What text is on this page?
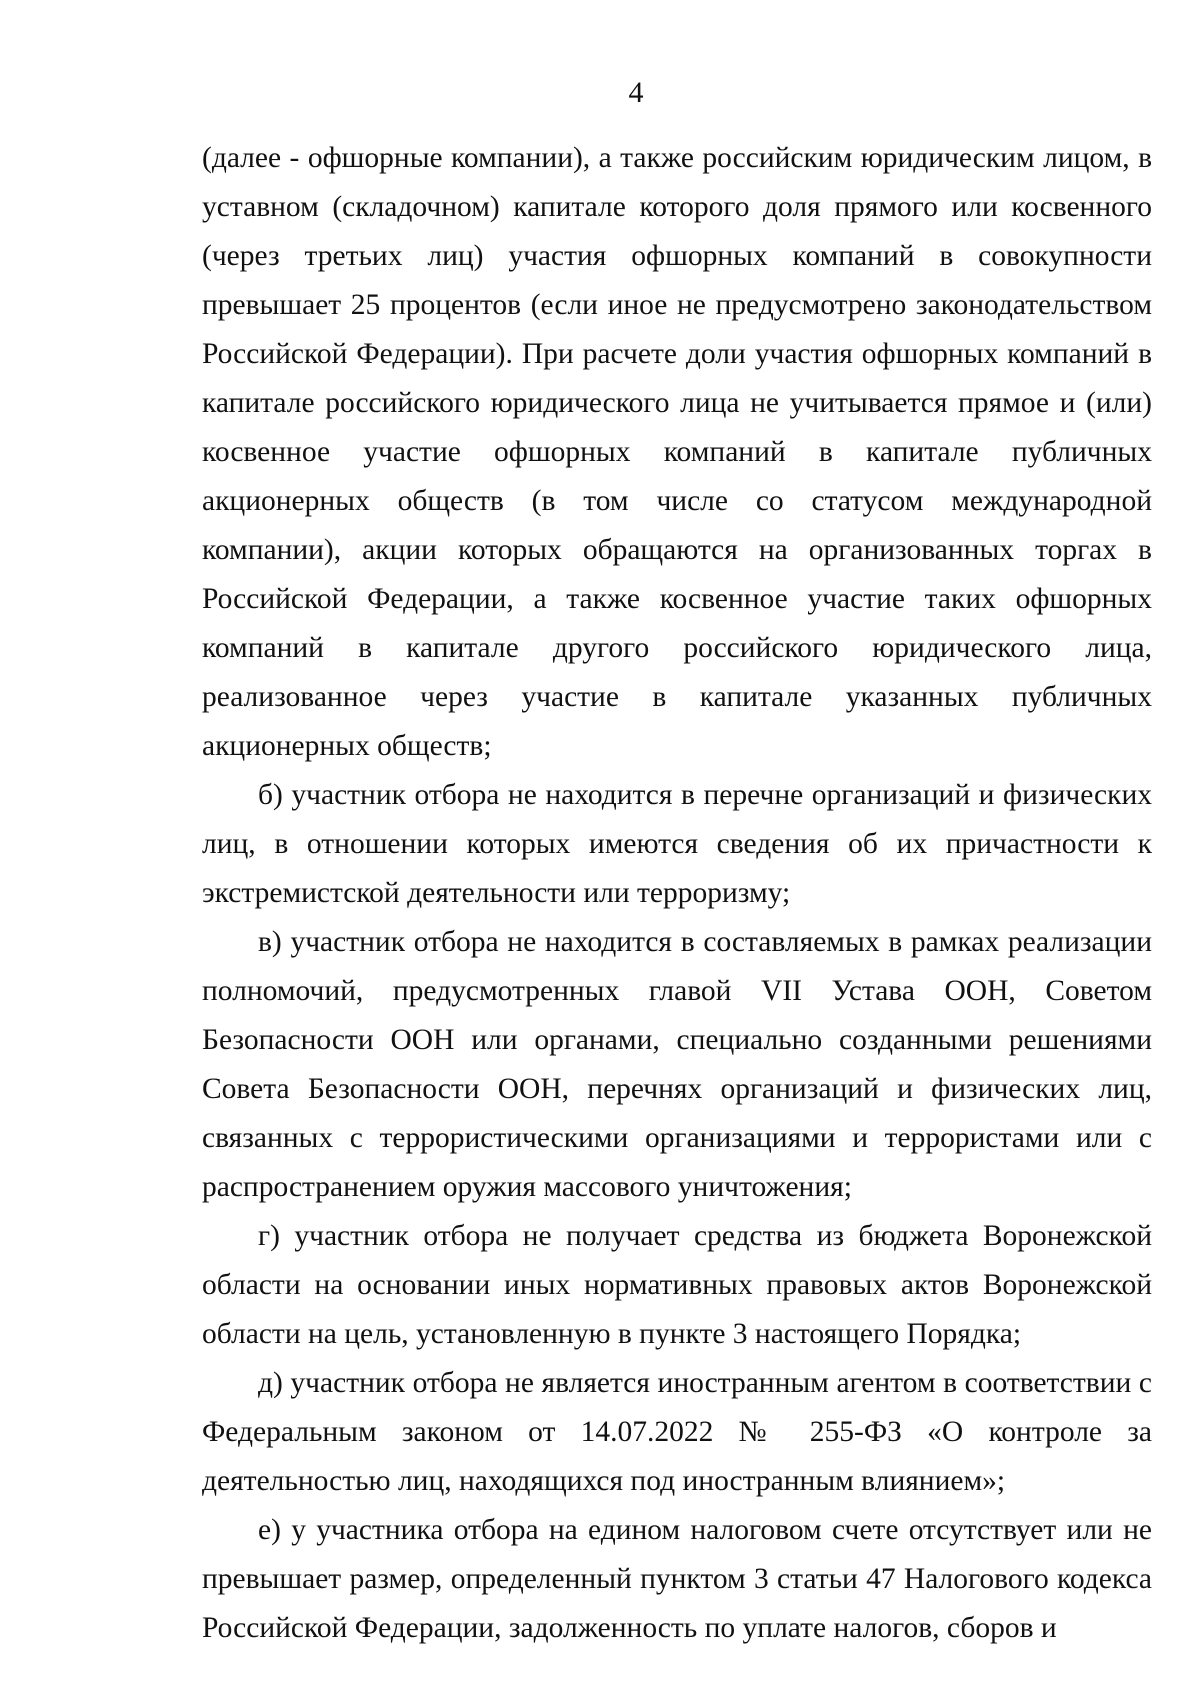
4

(далее - офшорные компании), а также российским юридическим лицом, в уставном (складочном) капитале которого доля прямого или косвенного (через третьих лиц) участия офшорных компаний в совокупности превышает 25 процентов (если иное не предусмотрено законодательством Российской Федерации). При расчете доли участия офшорных компаний в капитале российского юридического лица не учитывается прямое и (или) косвенное участие офшорных компаний в капитале публичных акционерных обществ (в том числе со статусом международной компании), акции которых обращаются на организованных торгах в Российской Федерации, а также косвенное участие таких офшорных компаний в капитале другого российского юридического лица, реализованное через участие в капитале указанных публичных акционерных обществ;

б) участник отбора не находится в перечне организаций и физических лиц, в отношении которых имеются сведения об их причастности к экстремистской деятельности или терроризму;

в) участник отбора не находится в составляемых в рамках реализации полномочий, предусмотренных главой VII Устава ООН, Советом Безопасности ООН или органами, специально созданными решениями Совета Безопасности ООН, перечнях организаций и физических лиц, связанных с террористическими организациями и террористами или с распространением оружия массового уничтожения;

г) участник отбора не получает средства из бюджета Воронежской области на основании иных нормативных правовых актов Воронежской области на цель, установленную в пункте 3 настоящего Порядка;

д) участник отбора не является иностранным агентом в соответствии с Федеральным законом от 14.07.2022 № 255-ФЗ «О контроле за деятельностью лиц, находящихся под иностранным влиянием»;

е) у участника отбора на едином налоговом счете отсутствует или не превышает размер, определенный пунктом 3 статьи 47 Налогового кодекса Российской Федерации, задолженность по уплате налогов, сборов и
